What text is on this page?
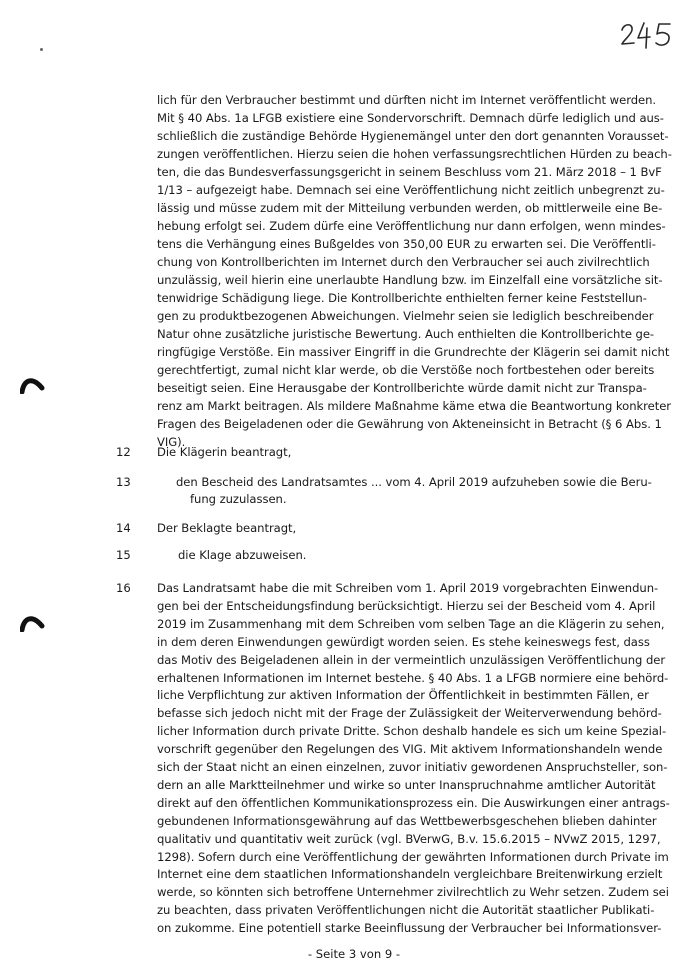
lich für den Verbraucher bestimmt und dürften nicht im Internet veröffentlicht werden.
Mit § 40 Abs. 1a LFGB existiere eine Sondervorschrift. Demnach dürfe lediglich und aus-
schließlich die zuständige Behörde Hygienemängel unter den dort genannten Vorausset-
zungen veröffentlichen. Hierzu seien die hohen verfassungsrechtlichen Hürden zu beach-
ten, die das Bundesverfassungsgericht in seinem Beschluss vom 21. März 2018 – 1 BvF
1/13 – aufgezeigt habe. Demnach sei eine Veröffentlichung nicht zeitlich unbegrenzt zu-
lässig und müsse zudem mit der Mitteilung verbunden werden, ob mittlerweile eine Be-
hebung erfolgt sei. Zudem dürfe eine Veröffentlichung nur dann erfolgen, wenn mindes-
tens die Verhängung eines Bußgeldes von 350,00 EUR zu erwarten sei. Die Veröffentli-
chung von Kontrollberichten im Internet durch den Verbraucher sei auch zivilrechtlich
unzulässig, weil hierin eine unerlaubte Handlung bzw. im Einzelfall eine vorsätzliche sit-
tenwidrige Schädigung liege. Die Kontrollberichte enthielten ferner keine Feststellun-
gen zu produktbezogenen Abweichungen. Vielmehr seien sie lediglich beschreibender
Natur ohne zusätzliche juristische Bewertung. Auch enthielten die Kontrollberichte ge-
ringfügige Verstöße. Ein massiver Eingriff in die Grundrechte der Klägerin sei damit nicht
gerechtfertigt, zumal nicht klar werde, ob die Verstöße noch fortbestehen oder bereits
beseitigt seien. Eine Herausgabe der Kontrollberichte würde damit nicht zur Transpa-
renz am Markt beitragen. Als mildere Maßnahme käme etwa die Beantwortung konkreter
Fragen des Beigeladenen oder die Gewährung von Akteneinsicht in Betracht (§ 6 Abs. 1
VIG).
12 Die Klägerin beantragt,
13	den Bescheid des Landratsamtes ... vom 4. April 2019 aufzuheben sowie die Beru-
fung zuzulassen.
14 Der Beklagte beantragt,
15	die Klage abzuweisen.
16 Das Landratsamt habe die mit Schreiben vom 1. April 2019 vorgebrachten Einwendun-
gen bei der Entscheidungsfindung berücksichtigt. Hierzu sei der Bescheid vom 4. April
2019 im Zusammenhang mit dem Schreiben vom selben Tage an die Klägerin zu sehen,
in dem deren Einwendungen gewürdigt worden seien. Es stehe keineswegs fest, dass
das Motiv des Beigeladenen allein in der vermeintlich unzulässigen Veröffentlichung der
erhaltenen Informationen im Internet bestehe. § 40 Abs. 1 a LFGB normiere eine behörd-
liche Verpflichtung zur aktiven Information der Öffentlichkeit in bestimmten Fällen, er
befasse sich jedoch nicht mit der Frage der Zulässigkeit der Weiterverwendung behörd-
licher Information durch private Dritte. Schon deshalb handele es sich um keine Spezial-
vorschrift gegenüber den Regelungen des VIG. Mit aktivem Informationshandeln wende
sich der Staat nicht an einen einzelnen, zuvor initiativ gewordenen Anspruchsteller, son-
dern an alle Marktteilnehmer und wirke so unter Inanspruchnahme amtlicher Autorität
direkt auf den öffentlichen Kommunikationsprozess ein. Die Auswirkungen einer antrags-
gebundenen Informationsgewährung auf das Wettbewerbsgeschehen blieben dahinter
qualitativ und quantitativ weit zurück (vgl. BVerwG, B.v. 15.6.2015 – NVwZ 2015, 1297,
1298). Sofern durch eine Veröffentlichung der gewährten Informationen durch Private im
Internet eine dem staatlichen Informationshandeln vergleichbare Breitenwirkung erzielt
werde, so könnten sich betroffene Unternehmer zivilrechtlich zu Wehr setzen. Zudem sei
zu beachten, dass privaten Veröffentlichungen nicht die Autorität staatlicher Publikati-
on zukomme. Eine potentiell starke Beeinflussung der Verbraucher bei Informationsver-
- Seite 3 von 9 -
